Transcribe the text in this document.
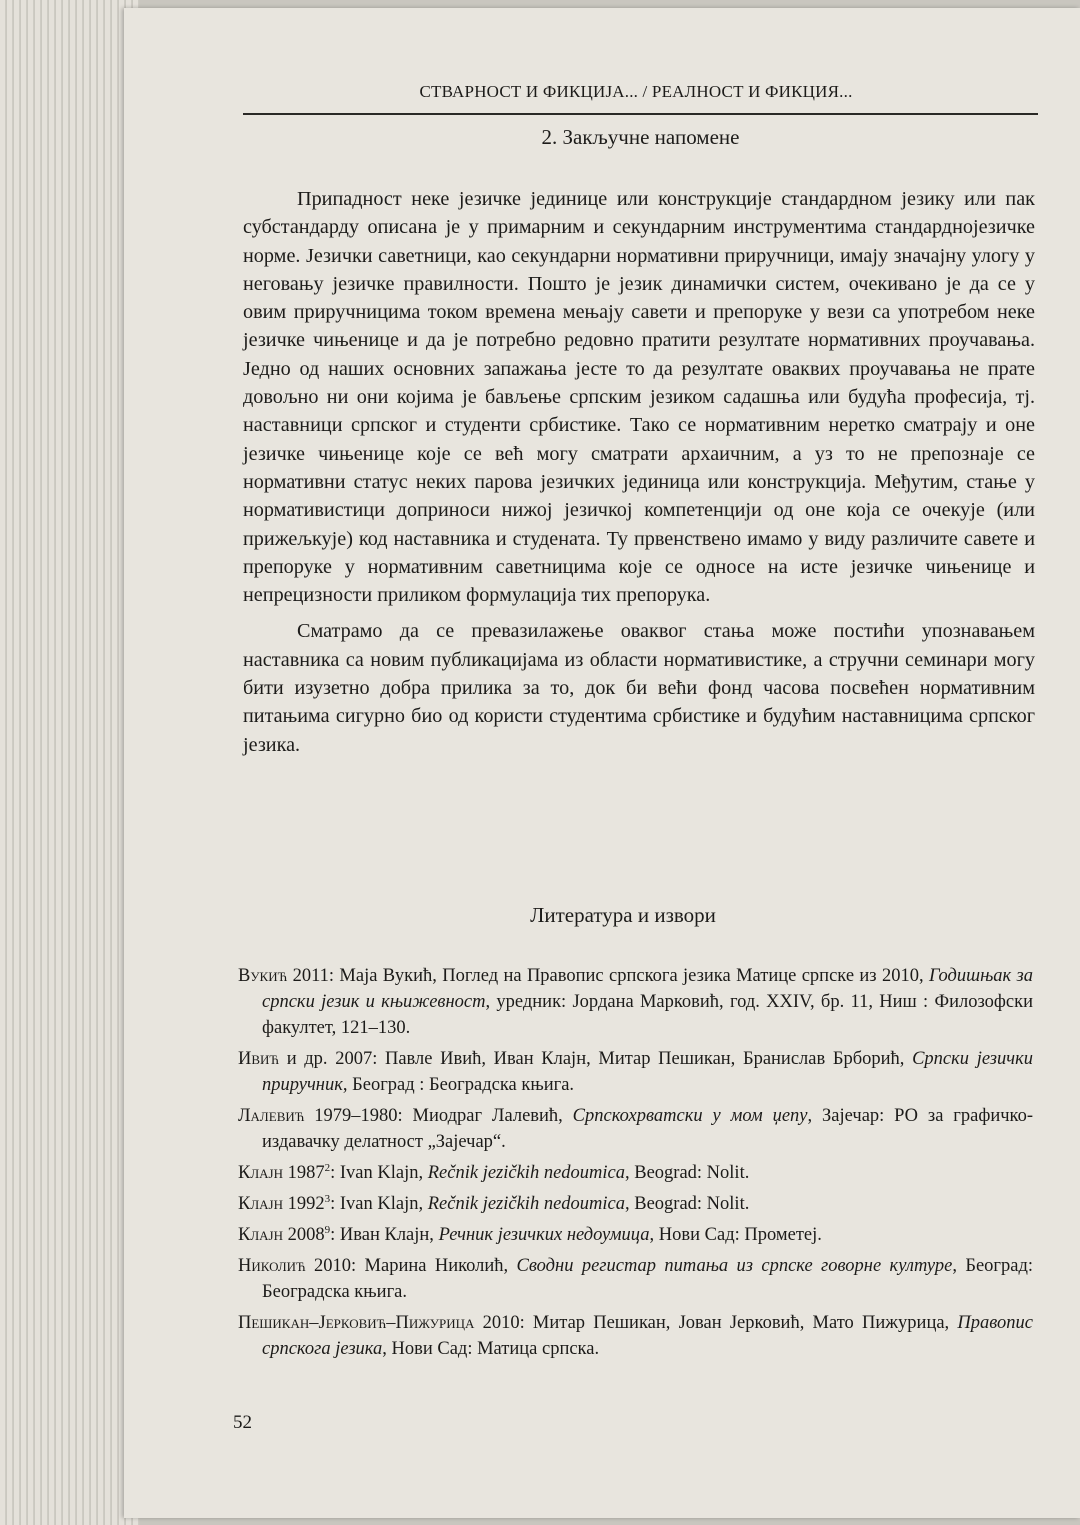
СТВАРНОСТ И ФИКЦИЈА... / РЕАЛНОСТ И ФИКЦИЯ...
2. Закључне напомене

Припадност неке језичке јединице или конструкције стандардном језику или пак субстандарду описана је у примарним и секундарним инструментима стандарднојезичке норме. Језички саветници, као секундарни нормативни приручници, имају значајну улогу у неговању језичке правилности. Пошто је језик динамички систем, очекивано је да се у овим приручницима током времена мењају савети и препоруке у вези са употребом неке језичке чињенице и да је потребно редовно пратити резултате нормативних проучавања. Једно од наших основних запажања јесте то да резултате оваквих проучавања не прате довољно ни они којима је бављење српским језиком садашња или будућа професија, тј. наставници српског и студенти србистике. Тако се нормативним неретко сматрају и оне језичке чињенице које се већ могу сматрати архаичним, а уз то не препознаје се нормативни статус неких парова језичких јединица или конструкција. Међутим, стање у нормативистици доприноси нижој језичкој компетенцији од оне која се очекује (или прижељкује) код наставника и студената. Ту првенствено имамо у виду различите савете и препоруке у нормативним саветницима које се односе на исте језичке чињенице и непрецизности приликом формулација тих препорука.

Сматрамо да се превазилажење оваквог стања може постићи упознавањем наставника са новим публикацијама из области нормативистике, а стручни семинари могу бити изузетно добра прилика за то, док би већи фонд часова посвећен нормативним питањима сигурно био од користи студентима србистике и будућим наставницима српског језика.

Литература и извори
Вукић 2011: Маја Вукић, Поглед на Правопис српскога језика Матице српске из 2010, Годишњак за српски језик и књижевност, уредник: Јордана Марковић, год. XXIV, бр. 11, Ниш : Филозофски факултет, 121–130.
Ивић и др. 2007: Павле Ивић, Иван Клајн, Митар Пешикан, Бранислав Брборић, Српски језички приручник, Београд : Београдска књига.
Лалевић 1979–1980: Миодраг Лалевић, Српскохрватски у мом џепу, Зајечар: РО за графичко-издавачку делатност „Зајечар“.
Клајн 1987$^2$: Ivan Klajn, Rečnik jezičkih nedoumica, Beograd: Nolit.
Клајн 1992$^3$: Ivan Klajn, Rečnik jezičkih nedoumica, Beograd: Nolit.
Клајн 2008$^9$: Иван Клајн, Речник језичких недоумица, Нови Сад: Прометеј.
Николић 2010: Марина Николић, Сводни регистар питања из српске говорне културе, Београд: Београдска књига.
Пешикан–Јерковић–Пижурица 2010: Митар Пешикан, Јован Јерковић, Мато Пижурица, Правопис српскога језика, Нови Сад: Матица српска.
52
